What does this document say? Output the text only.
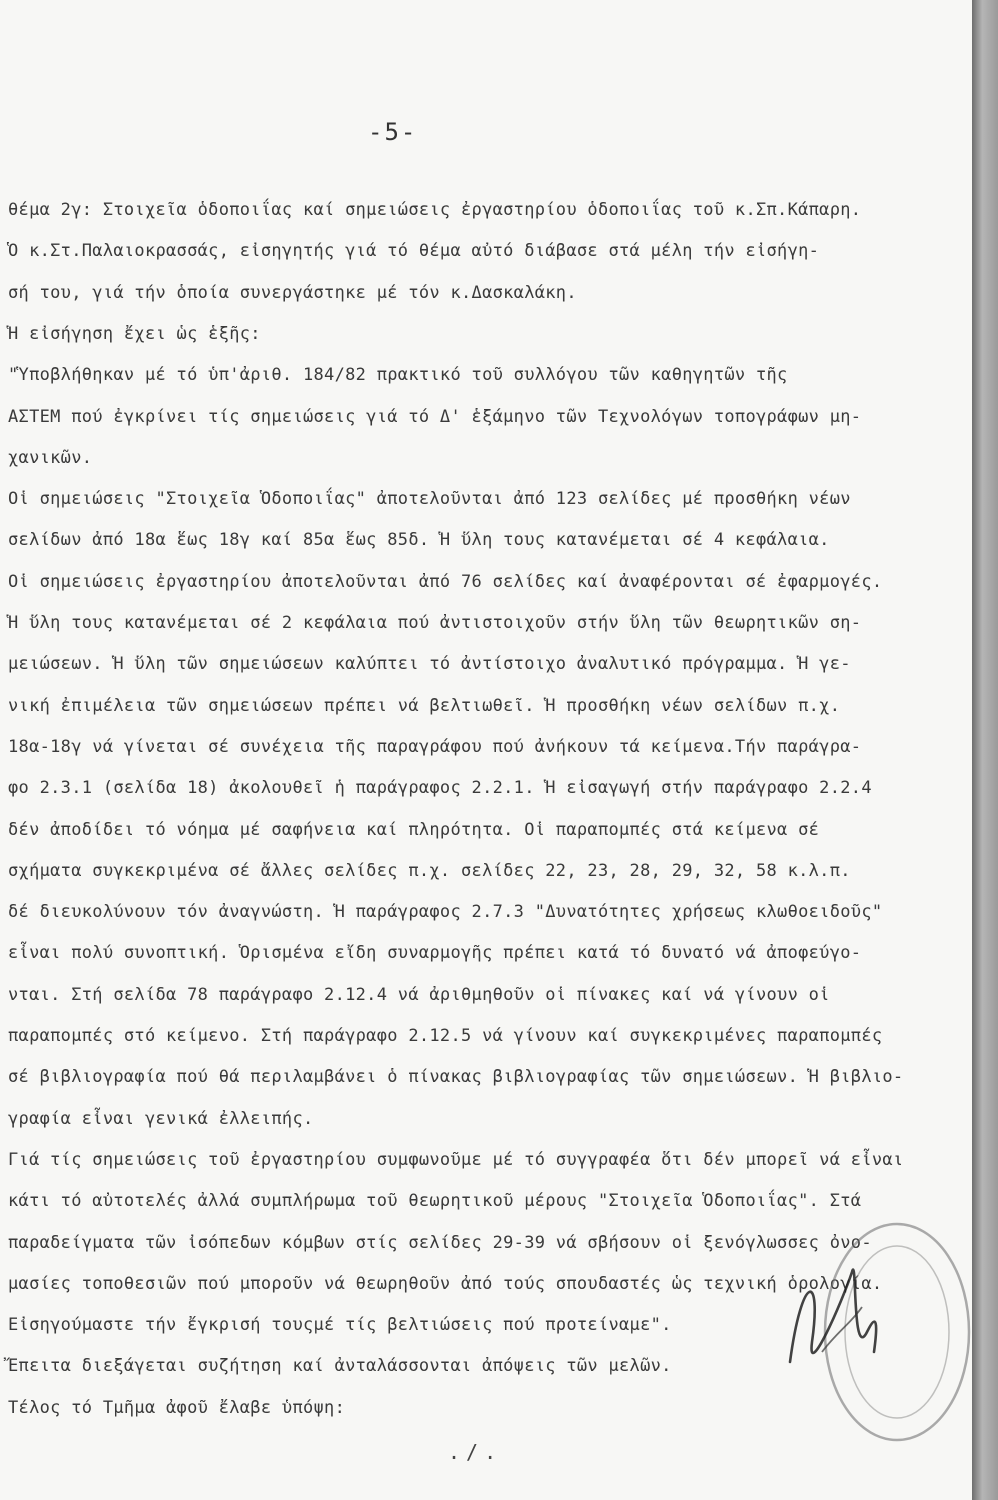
-5-
θέμα 2γ: Στοιχεῖα ὁδοποιΐας καί σημειώσεις ἐργαστηρίου ὁδοποιΐας τοῦ κ.Σπ.Κάπαρη.
Ὁ κ.Στ.Παλαιοκρασσάς, εἰσηγητής γιά τό θέμα αὐτό διάβασε στά μέλη τήν εἰσήγη-
σή του, γιά τήν ὁποία συνεργάστηκε μέ τόν κ.Δασκαλάκη.
Ἡ εἰσήγηση ἔχει ὡς ἑξῆς:
"Ὑποβλήθηκαν μέ τό ὑπ'ἀριθ. 184/82 πρακτικό τοῦ συλλόγου τῶν καθηγητῶν τῆς
ΑΣΤΕΜ πού ἐγκρίνει τίς σημειώσεις γιά τό Δ' ἑξάμηνο τῶν Τεχνολόγων τοπογράφων μη-
χανικῶν.
Οἱ σημειώσεις "Στοιχεῖα Ὁδοποιΐας" ἀποτελοῦνται ἀπό 123 σελίδες μέ προσθήκη νέων
σελίδων ἀπό 18α ἕως 18γ καί 85α ἕως 85δ. Ἡ ὕλη τους κατανέμεται σέ 4 κεφάλαια.
Οἱ σημειώσεις ἐργαστηρίου ἀποτελοῦνται ἀπό 76 σελίδες καί ἀναφέρονται σέ ἐφαρμογές.
Ἡ ὕλη τους κατανέμεται σέ 2 κεφάλαια πού ἀντιστοιχοῦν στήν ὕλη τῶν θεωρητικῶν ση-
μειώσεων. Ἡ ὕλη τῶν σημειώσεων καλύπτει τό ἀντίστοιχο ἀναλυτικό πρόγραμμα. Ἡ γε-
νική ἐπιμέλεια τῶν σημειώσεων πρέπει νά βελτιωθεῖ. Ἡ προσθήκη νέων σελίδων π.χ.
18α-18γ νά γίνεται σέ συνέχεια τῆς παραγράφου πού ἀνήκουν τά κείμενα.Τήν παράγρα-
φο 2.3.1 (σελίδα 18) ἀκολουθεῖ ἡ παράγραφος 2.2.1. Ἡ εἰσαγωγή στήν παράγραφο 2.2.4
δέν ἀποδίδει τό νόημα μέ σαφήνεια καί πληρότητα. Οἱ παραπομπές στά κείμενα σέ
σχήματα συγκεκριμένα σέ ἄλλες σελίδες π.χ. σελίδες 22, 23, 28, 29, 32, 58 κ.λ.π.
δέ διευκολύνουν τόν ἀναγνώστη. Ἡ παράγραφος 2.7.3 "Δυνατότητες χρήσεως κλωθοειδοῦς"
εἶναι πολύ συνοπτική. Ὁρισμένα εἴδη συναρμογῆς πρέπει κατά τό δυνατό νά ἀποφεύγο-
νται. Στή σελίδα 78 παράγραφο 2.12.4 νά ἀριθμηθοῦν οἱ πίνακες καί νά γίνουν οἱ
παραπομπές στό κείμενο. Στή παράγραφο 2.12.5 νά γίνουν καί συγκεκριμένες παραπομπές
σέ βιβλιογραφία πού θά περιλαμβάνει ὁ πίνακας βιβλιογραφίας τῶν σημειώσεων. Ἡ βιβλιο-
γραφία εἶναι γενικά ἐλλειπής.
Γιά τίς σημειώσεις τοῦ ἐργαστηρίου συμφωνοῦμε μέ τό συγγραφέα ὅτι δέν μπορεῖ νά εἶναι
κάτι τό αὐτοτελές ἀλλά συμπλήρωμα τοῦ θεωρητικοῦ μέρους "Στοιχεῖα Ὁδοποιΐας". Στά
παραδείγματα τῶν ἰσόπεδων κόμβων στίς σελίδες 29-39 νά σβήσουν οἱ ξενόγλωσσες ὀνο-
μασίες τοποθεσιῶν πού μποροῦν νά θεωρηθοῦν ἀπό τούς σπουδαστές ὡς τεχνική ὁρολογία.
Εἰσηγούμαστε τήν ἔγκρισή τουςμέ τίς βελτιώσεις πού προτείναμε".
Ἔπειτα διεξάγεται συζήτηση καί ἀνταλάσσονται ἀπόψεις τῶν μελῶν.
Τέλος τό Τμῆμα ἀφοῦ ἔλαβε ὑπόψη:
./.
